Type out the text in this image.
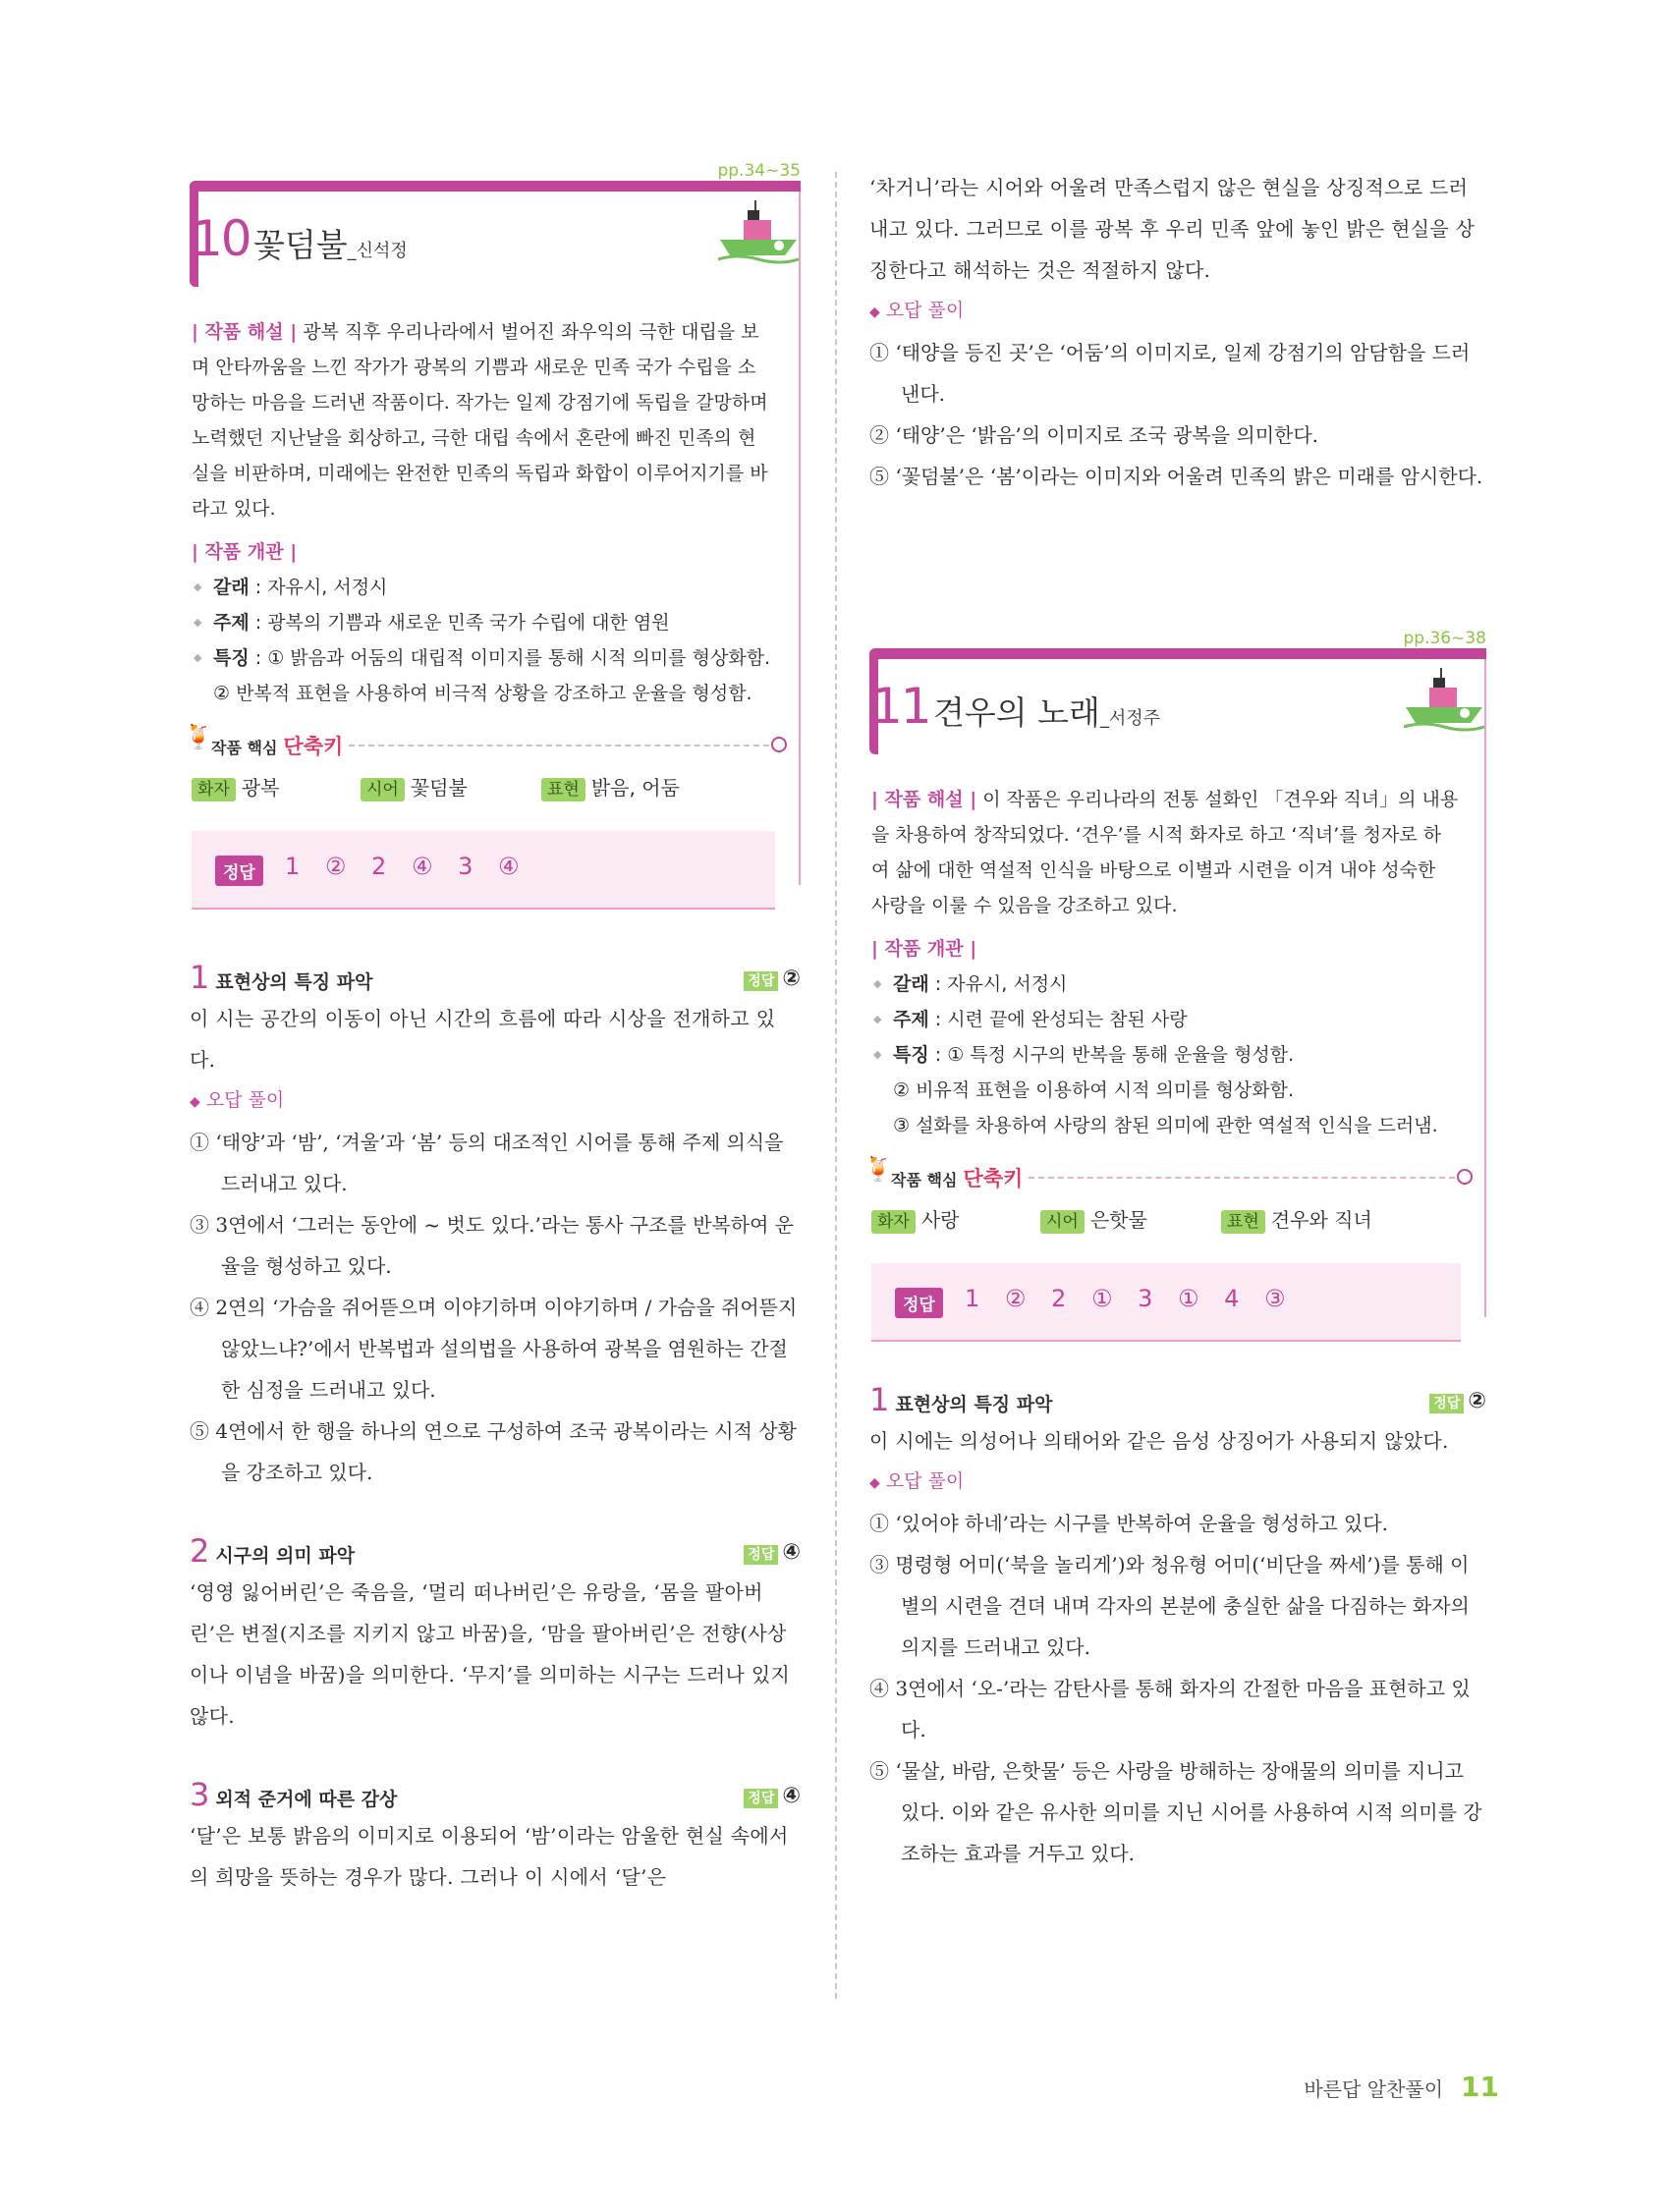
pp.34~35
10 꽃덤불_신석정
| 작품 해설 | 광복 직후 우리나라에서 벌어진 좌우익의 극한 대립을 보며 안타까움을 느낀 작가가 광복의 기쁨과 새로운 민족 국가 수립을 소망하는 마음을 드러낸 작품이다. 작가는 일제 강점기에 독립을 갈망하며 노력했던 지난날을 회상하고, 극한 대립 속에서 혼란에 빠진 민족의 현실을 비판하며, 미래에는 완전한 민족의 독립과 화합이 이루어지기를 바라고 있다.
| 작품 개관 |
◆ 갈래 : 자유시, 서정시
◆ 주제 : 광복의 기쁨과 새로운 민족 국가 수립에 대한 염원
◆ 특징 : ① 밝음과 어둠의 대립적 이미지를 통해 시적 의미를 형상화함.
② 반복적 표현을 사용하여 비극적 상황을 강조하고 운율을 형성함.
🍹
작품 핵심 단축키
화자 광복	시어 꽃덤불	표현 밝음, 어둠
정답	1 ② 2 ④ 3 ④
1 표현상의 특징 파악	정답 ②
이 시는 공간의 이동이 아닌 시간의 흐름에 따라 시상을 전개하고 있다.
◆ 오답 풀이
① ‘태양’과 ‘밤’, ‘겨울’과 ‘봄’ 등의 대조적인 시어를 통해 주제 의식을 드러내고 있다.
③ 3연에서 ‘그러는 동안에 ~ 벗도 있다.’라는 통사 구조를 반복하여 운율을 형성하고 있다.
④ 2연의 ‘가슴을 쥐어뜯으며 이야기하며 이야기하며 / 가슴을 쥐어뜯지 않았느냐?’에서 반복법과 설의법을 사용하여 광복을 염원하는 간절한 심정을 드러내고 있다.
⑤ 4연에서 한 행을 하나의 연으로 구성하여 조국 광복이라는 시적 상황을 강조하고 있다.
2 시구의 의미 파악	정답 ④
‘영영 잃어버린’은 죽음을, ‘멀리 떠나버린’은 유랑을, ‘몸을 팔아버린’은 변절(지조를 지키지 않고 바꿈)을, ‘맘을 팔아버린’은 전향(사상이나 이념을 바꿈)을 의미한다. ‘무지’를 의미하는 시구는 드러나 있지 않다.
3 외적 준거에 따른 감상	정답 ④
‘달’은 보통 밝음의 이미지로 이용되어 ‘밤’이라는 암울한 현실 속에서의 희망을 뜻하는 경우가 많다. 그러나 이 시에서 ‘달’은
‘차거니’라는 시어와 어울려 만족스럽지 않은 현실을 상징적으로 드러내고 있다. 그러므로 이를 광복 후 우리 민족 앞에 놓인 밝은 현실을 상징한다고 해석하는 것은 적절하지 않다.
◆ 오답 풀이
① ‘태양을 등진 곳’은 ‘어둠’의 이미지로, 일제 강점기의 암담함을 드러낸다.
② ‘태양’은 ‘밝음’의 이미지로 조국 광복을 의미한다.
⑤ ‘꽃덤불’은 ‘봄’이라는 이미지와 어울려 민족의 밝은 미래를 암시한다.
pp.36~38
11 견우의 노래_서정주
| 작품 해설 | 이 작품은 우리나라의 전통 설화인 「견우와 직녀」의 내용을 차용하여 창작되었다. ‘견우’를 시적 화자로 하고 ‘직녀’를 청자로 하여 삶에 대한 역설적 인식을 바탕으로 이별과 시련을 이겨 내야 성숙한 사랑을 이룰 수 있음을 강조하고 있다.
| 작품 개관 |
◆ 갈래 : 자유시, 서정시
◆ 주제 : 시련 끝에 완성되는 참된 사랑
◆ 특징 : ① 특정 시구의 반복을 통해 운율을 형성함.
② 비유적 표현을 이용하여 시적 의미를 형상화함.
③ 설화를 차용하여 사랑의 참된 의미에 관한 역설적 인식을 드러냄.
🍹
작품 핵심 단축키
화자 사랑	시어 은핫물	표현 견우와 직녀
정답	1 ② 2 ① 3 ① 4 ③
1 표현상의 특징 파악	정답 ②
이 시에는 의성어나 의태어와 같은 음성 상징어가 사용되지 않았다.
◆ 오답 풀이
① ‘있어야 하네’라는 시구를 반복하여 운율을 형성하고 있다.
③ 명령형 어미(‘북을 놀리게’)와 청유형 어미(‘비단을 짜세’)를 통해 이별의 시련을 견뎌 내며 각자의 본분에 충실한 삶을 다짐하는 화자의 의지를 드러내고 있다.
④ 3연에서 ‘오-’라는 감탄사를 통해 화자의 간절한 마음을 표현하고 있다.
⑤ ‘물살, 바람, 은핫물’ 등은 사랑을 방해하는 장애물의 의미를 지니고 있다. 이와 같은 유사한 의미를 지닌 시어를 사용하여 시적 의미를 강조하는 효과를 거두고 있다.
바른답 알찬풀이 11
